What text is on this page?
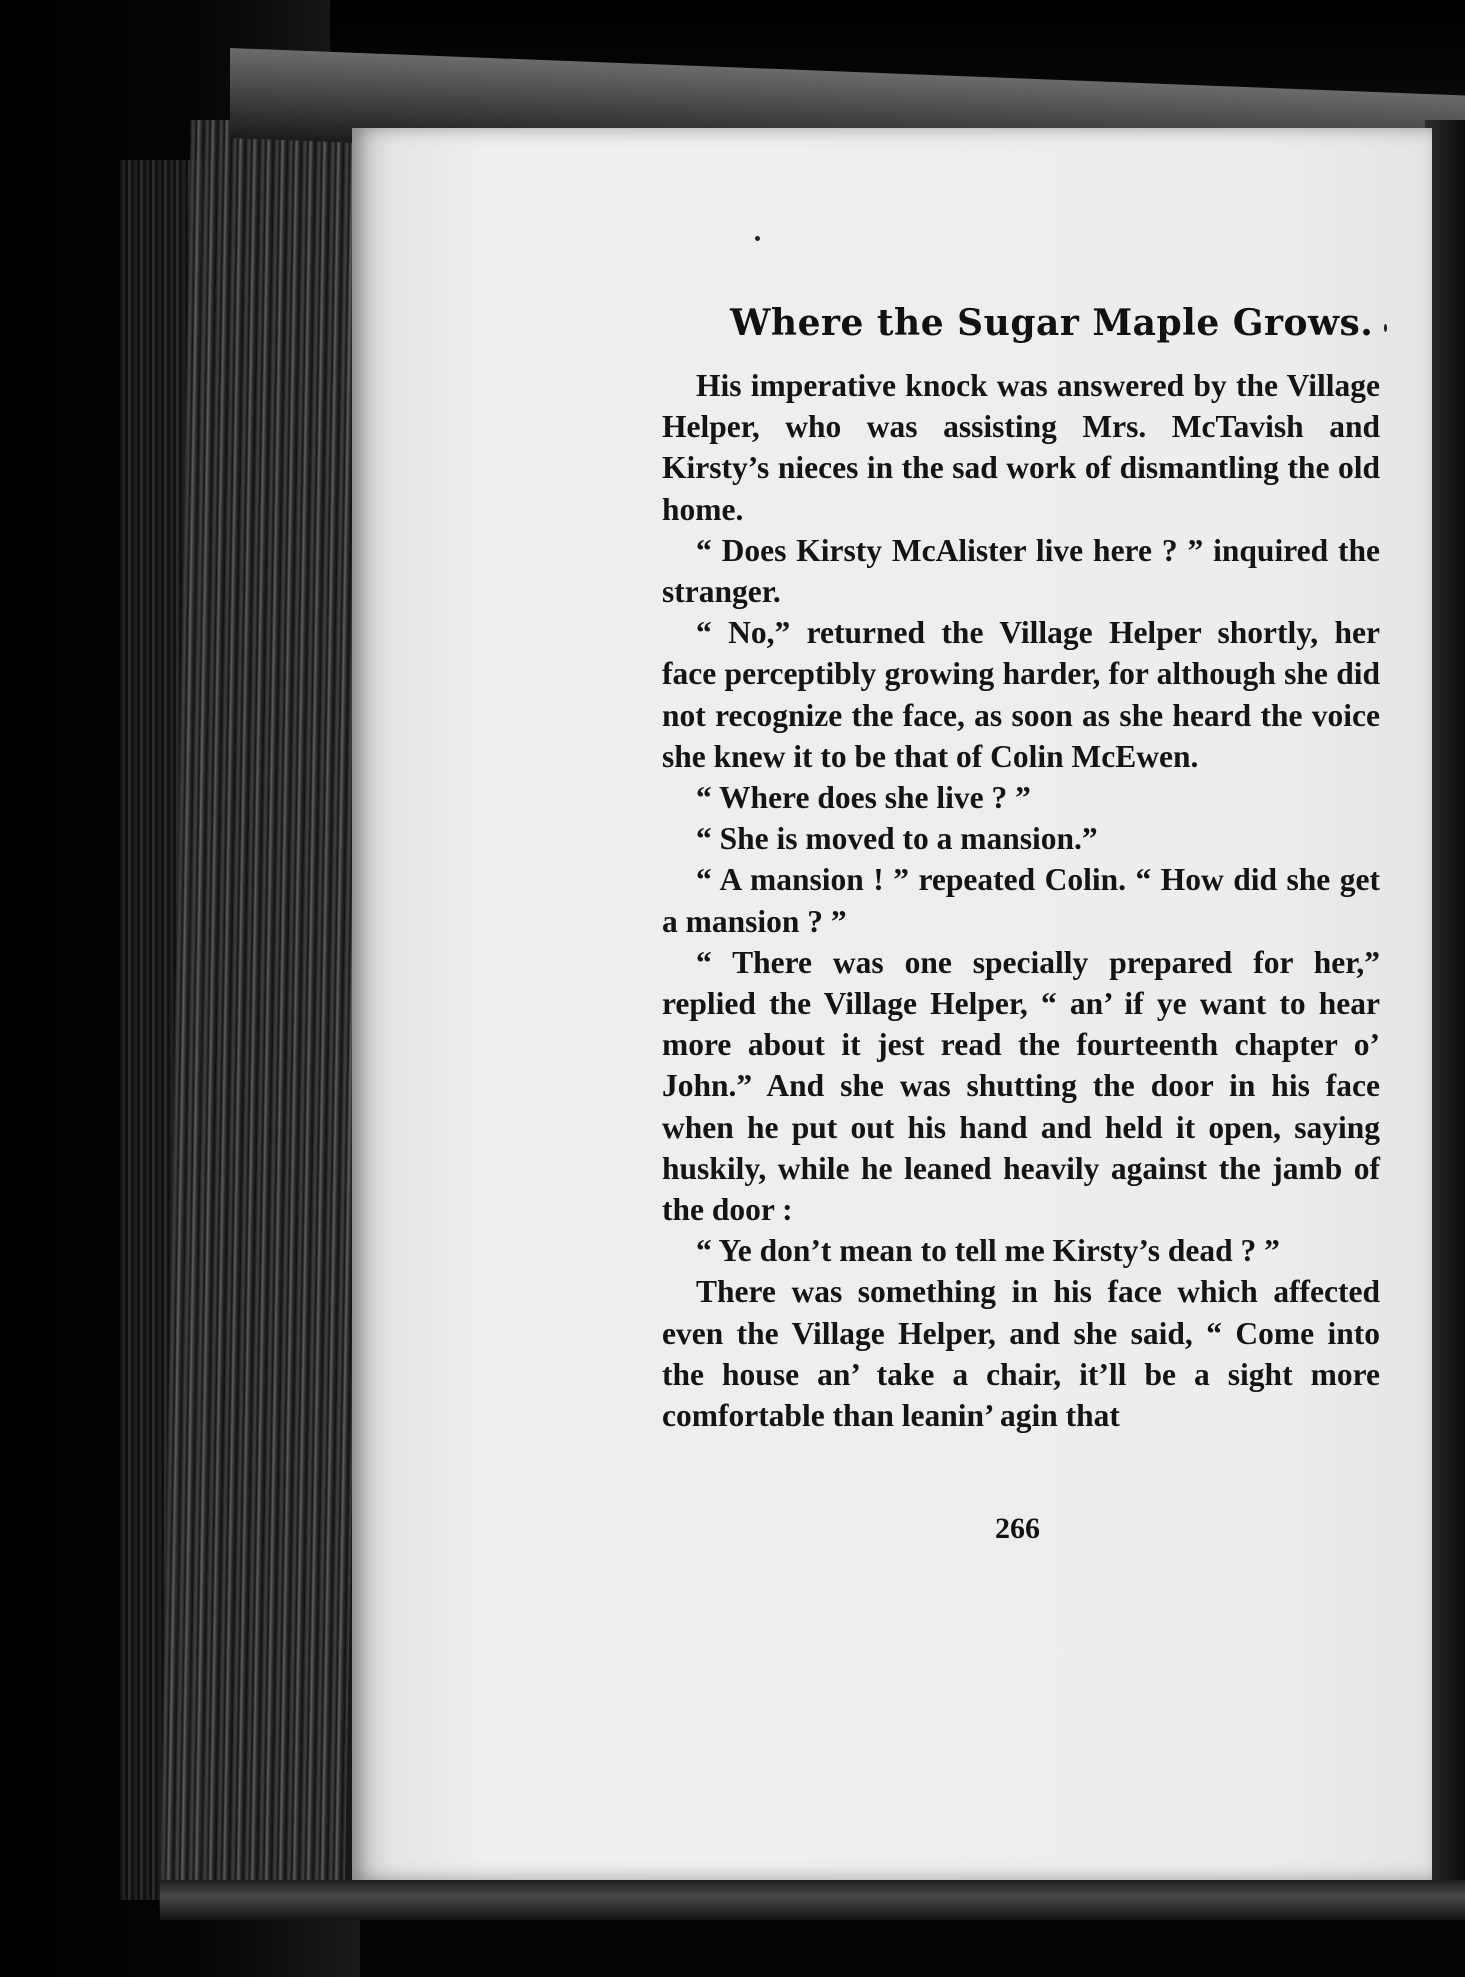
Where the Sugar Maple Grows.

His imperative knock was answered by the Village Helper, who was assisting Mrs. McTavish and Kirsty’s nieces in the sad work of dismantling the old home.

“ Does Kirsty McAlister live here ? ” inquired the stranger.

“ No,” returned the Village Helper shortly, her face perceptibly growing harder, for although she did not recognize the face, as soon as she heard the voice she knew it to be that of Colin McEwen.

“ Where does she live ? ”

“ She is moved to a mansion.”

“ A mansion ! ” repeated Colin. “ How did she get a mansion ? ”

“ There was one specially prepared for her,” replied the Village Helper, “ an’ if ye want to hear more about it jest read the fourteenth chapter o’ John.” And she was shutting the door in his face when he put out his hand and held it open, saying huskily, while he leaned heavily against the jamb of the door :

“ Ye don’t mean to tell me Kirsty’s dead ? ”

There was something in his face which affected even the Village Helper, and she said, “ Come into the house an’ take a chair, it’ll be a sight more comfortable than leanin’ agin that

266
